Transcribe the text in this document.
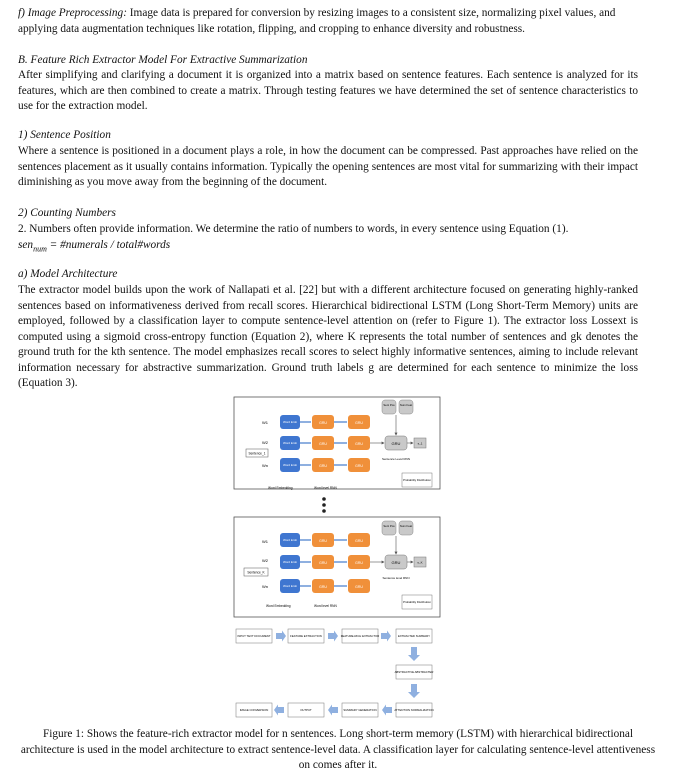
f) Image Preprocessing: Image data is prepared for conversion by resizing images to a consistent size, normalizing pixel values, and applying data augmentation techniques like rotation, flipping, and cropping to enhance diversity and robustness.
B. Feature Rich Extractor Model For Extractive Summarization
After simplifying and clarifying a document it is organized into a matrix based on sentence features. Each sentence is analyzed for its features, which are then combined to create a matrix. Through testing features we have determined the set of sentence characteristics to use for the extraction model.
1) Sentence Position
Where a sentence is positioned in a document plays a role, in how the document can be compressed. Past approaches have relied on the sentences placement as it usually contains information. Typically the opening sentences are most vital for summarizing with their impact diminishing as you move away from the beginning of the document.
2) Counting Numbers
2. Numbers often provide information. We determine the ratio of numbers to words, in every sentence using Equation (1).
sen$_{num}$ = #numerals / total#words
a) Model Architecture
The extractor model builds upon the work of Nallapati et al. [22] but with a different architecture focused on generating highly-ranked sentences based on informativeness derived from recall scores. Hierarchical bidirectional LSTM (Long Short-Term Memory) units are employed, followed by a classification layer to compute sentence-level attention on (refer to Figure 1). The extractor loss Lossext is computed using a sigmoid cross-entropy function (Equation 2), where K represents the total number of sentences and gk denotes the ground truth for the kth sentence. The model emphasizes recall scores to select highly informative sentences, aiming to include relevant information necessary for abstractive summarization. Ground truth labels g are determined for each sentence to minimize the loss (Equation 3).
Sent Pos Num Feat
W1
W2
Wn
Sentence_1
Word Emb
Word Emb
Word Emb
GRU
GRU
GRU
GRU
GRU
GRU
GRU	s_1
Sentence Level RNN
Probability Distribution
Word Embedding	Word level RNN
Sent Pos Num Feat
W1
W2
Wn
Sentence_K
Word Emb
Word Emb
Word Emb
GRU
GRU
GRU
GRU
GRU
GRU
GRU	s_K
Sentence level RNN
Probability Distribution
Word Embedding	Word level RNN
INPUT TEXT DOCUMENT	FEATURE EXTRACTION	FEATURE-RICH EXTRACTOR	EXTRACTED SUMMARY
ABSTRACTIVE ABSTRACTER
ATTENTION NORMALIZATION
SUMMARY GENERATION
OUTPUT
IMAGE CONVERSION
Figure 1: Shows the feature-rich extractor model for n sentences. Long short-term memory (LSTM) with hierarchical bidirectional architecture is used in the model architecture to extract sentence-level data. A classification layer for calculating sentence-level attentiveness on comes after it.
